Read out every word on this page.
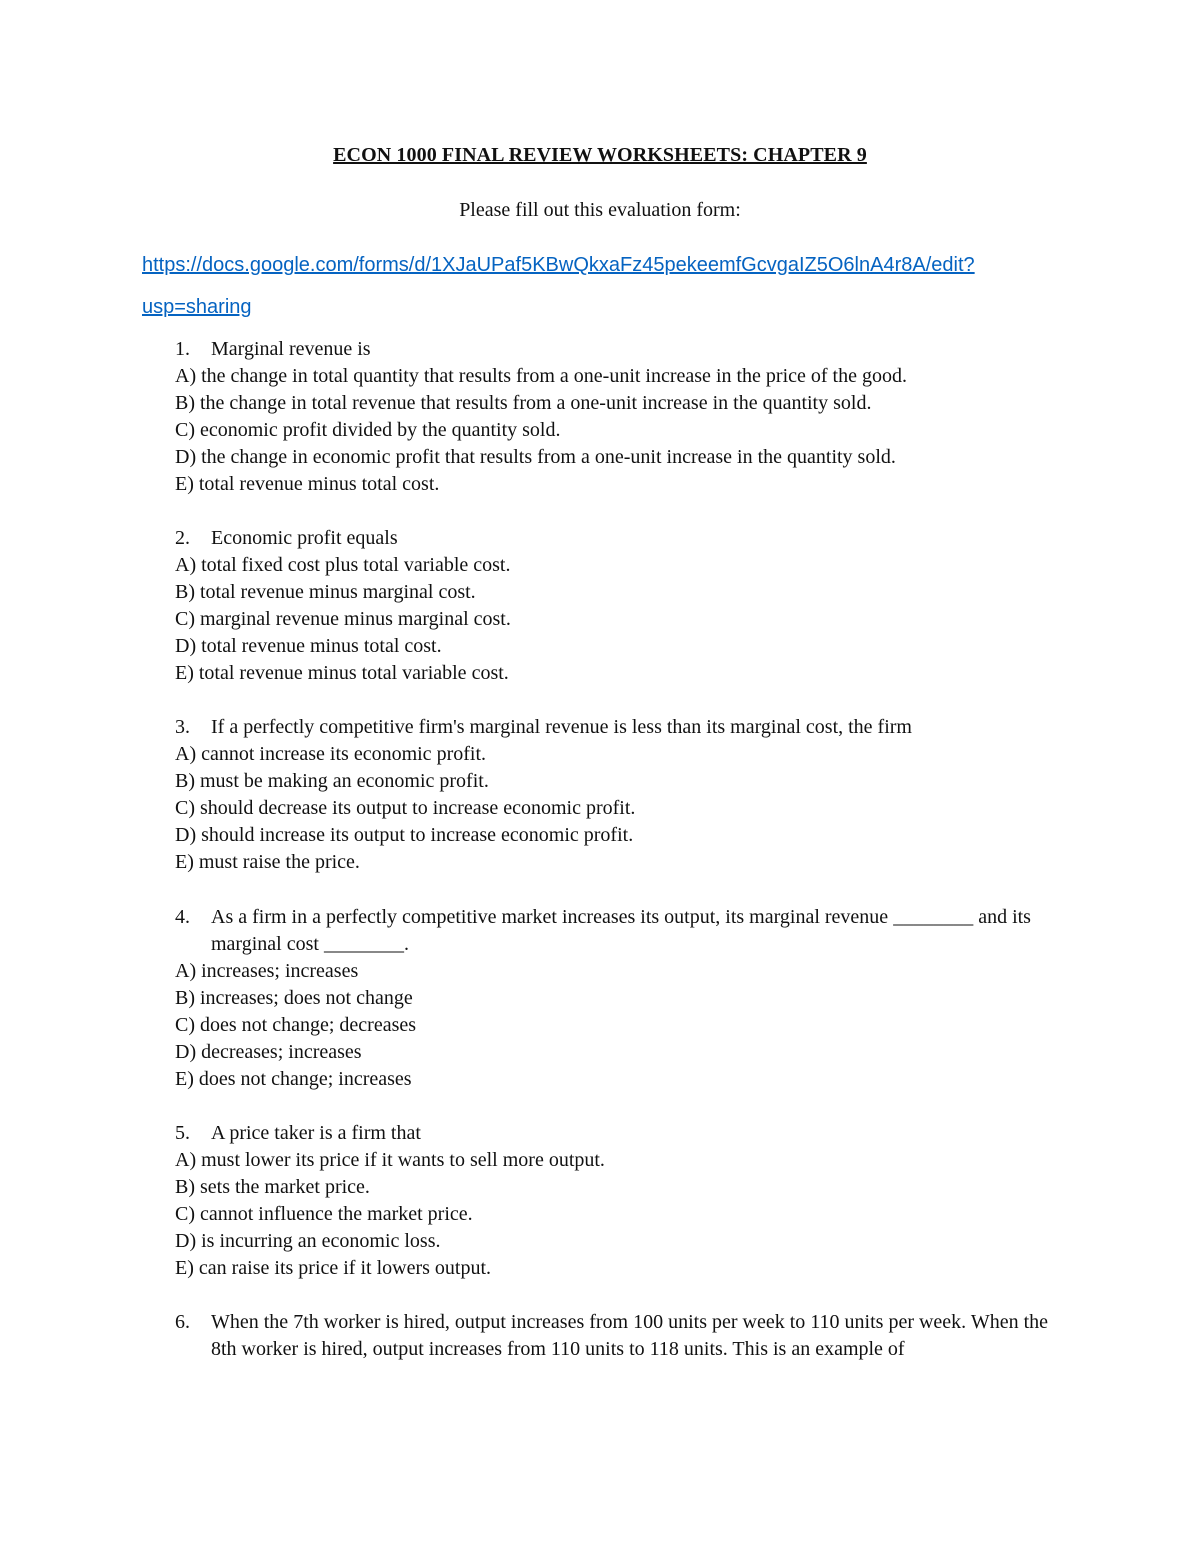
ECON 1000 FINAL REVIEW WORKSHEETS: CHAPTER 9
Please fill out this evaluation form:
https://docs.google.com/forms/d/1XJaUPaf5KBwQkxaFz45pekeemfGcvgaIZ5O6lnA4r8A/edit?
usp=sharing
1. Marginal revenue is
A) the change in total quantity that results from a one-unit increase in the price of the good.
B) the change in total revenue that results from a one-unit increase in the quantity sold.
C) economic profit divided by the quantity sold.
D) the change in economic profit that results from a one-unit increase in the quantity sold.
E) total revenue minus total cost.
2. Economic profit equals
A) total fixed cost plus total variable cost.
B) total revenue minus marginal cost.
C) marginal revenue minus marginal cost.
D) total revenue minus total cost.
E) total revenue minus total variable cost.
3. If a perfectly competitive firm's marginal revenue is less than its marginal cost, the firm
A) cannot increase its economic profit.
B) must be making an economic profit.
C) should decrease its output to increase economic profit.
D) should increase its output to increase economic profit.
E) must raise the price.
4. As a firm in a perfectly competitive market increases its output, its marginal revenue ________ and its marginal cost ________.
A) increases; increases
B) increases; does not change
C) does not change; decreases
D) decreases; increases
E) does not change; increases
5. A price taker is a firm that
A) must lower its price if it wants to sell more output.
B) sets the market price.
C) cannot influence the market price.
D) is incurring an economic loss.
E) can raise its price if it lowers output.
6. When the 7th worker is hired, output increases from 100 units per week to 110 units per week. When the 8th worker is hired, output increases from 110 units to 118 units. This is an example of
